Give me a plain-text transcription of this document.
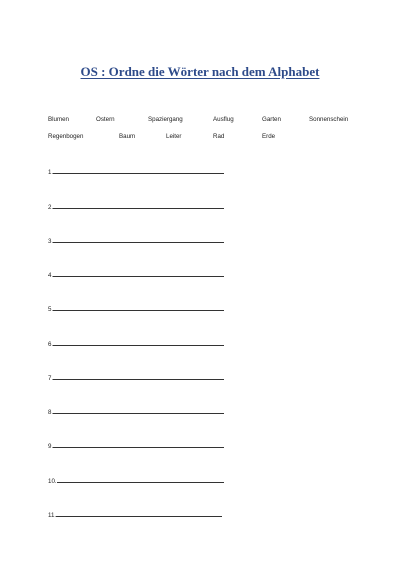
OS : Ordne die Wörter nach dem Alphabet
Blumen	Ostern	Spaziergang	Ausflug	Garten	Sonnenschein
Regenbogen	Baum	Leiter	Rad	Erde
1.
2.
3.
4.
5.
6.
7.
8.
9.
10.
11.
